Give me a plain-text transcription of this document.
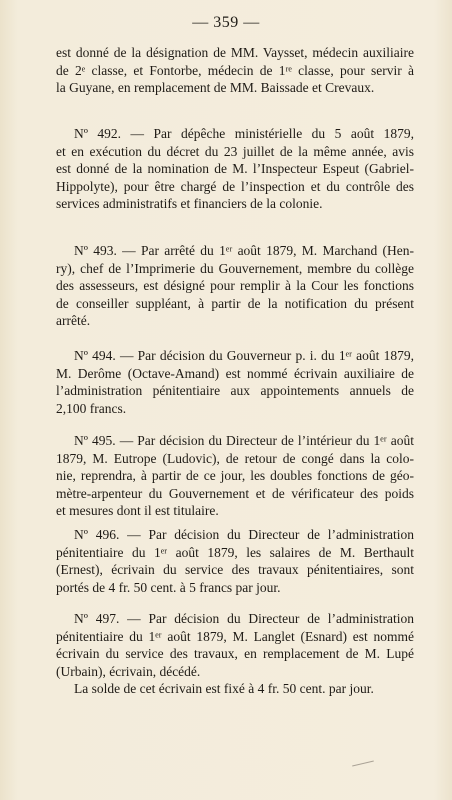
— 359 —
est donné de la désignation de MM. Vaysset, médecin auxiliaire
de 2ᵉ classe, et Fontorbe, médecin de 1ʳᵉ classe, pour servir à
la Guyane, en remplacement de MM. Baissade et Crevaux.
Nº 492. — Par dépêche ministérielle du 5 août 1879,
et en exécution du décret du 23 juillet de la même année, avis
est donné de la nomination de M. l’Inspecteur Espeut (Gabriel-
Hippolyte), pour être chargé de l’inspection et du contrôle des
services administratifs et financiers de la colonie.
Nº 493. — Par arrêté du 1ᵉʳ août 1879, M. Marchand (Hen-
ry), chef de l’Imprimerie du Gouvernement, membre du collège
des assesseurs, est désigné pour remplir à la Cour les fonctions
de conseiller suppléant, à partir de la notification du présent
arrêté.
Nº 494. — Par décision du Gouverneur p. i. du 1ᵉʳ août 1879,
M. Derôme (Octave-Amand) est nommé écrivain auxiliaire de
l’administration pénitentiaire aux appointements annuels de
2,100 francs.
Nº 495. — Par décision du Directeur de l’intérieur du 1ᵉʳ août
1879, M. Eutrope (Ludovic), de retour de congé dans la colo-
nie, reprendra, à partir de ce jour, les doubles fonctions de géo-
mètre-arpenteur du Gouvernement et de vérificateur des poids
et mesures dont il est titulaire.
Nº 496. — Par décision du Directeur de l’administration
pénitentiaire du 1ᵉʳ août 1879, les salaires de M. Berthault
(Ernest), écrivain du service des travaux pénitentiaires, sont
portés de 4 fr. 50 cent. à 5 francs par jour.
Nº 497. — Par décision du Directeur de l’administration
pénitentiaire du 1ᵉʳ août 1879, M. Langlet (Esnard) est nommé
écrivain du service des travaux, en remplacement de M. Lupé
(Urbain), écrivain, décédé.
La solde de cet écrivain est fixé à 4 fr. 50 cent. par jour.
